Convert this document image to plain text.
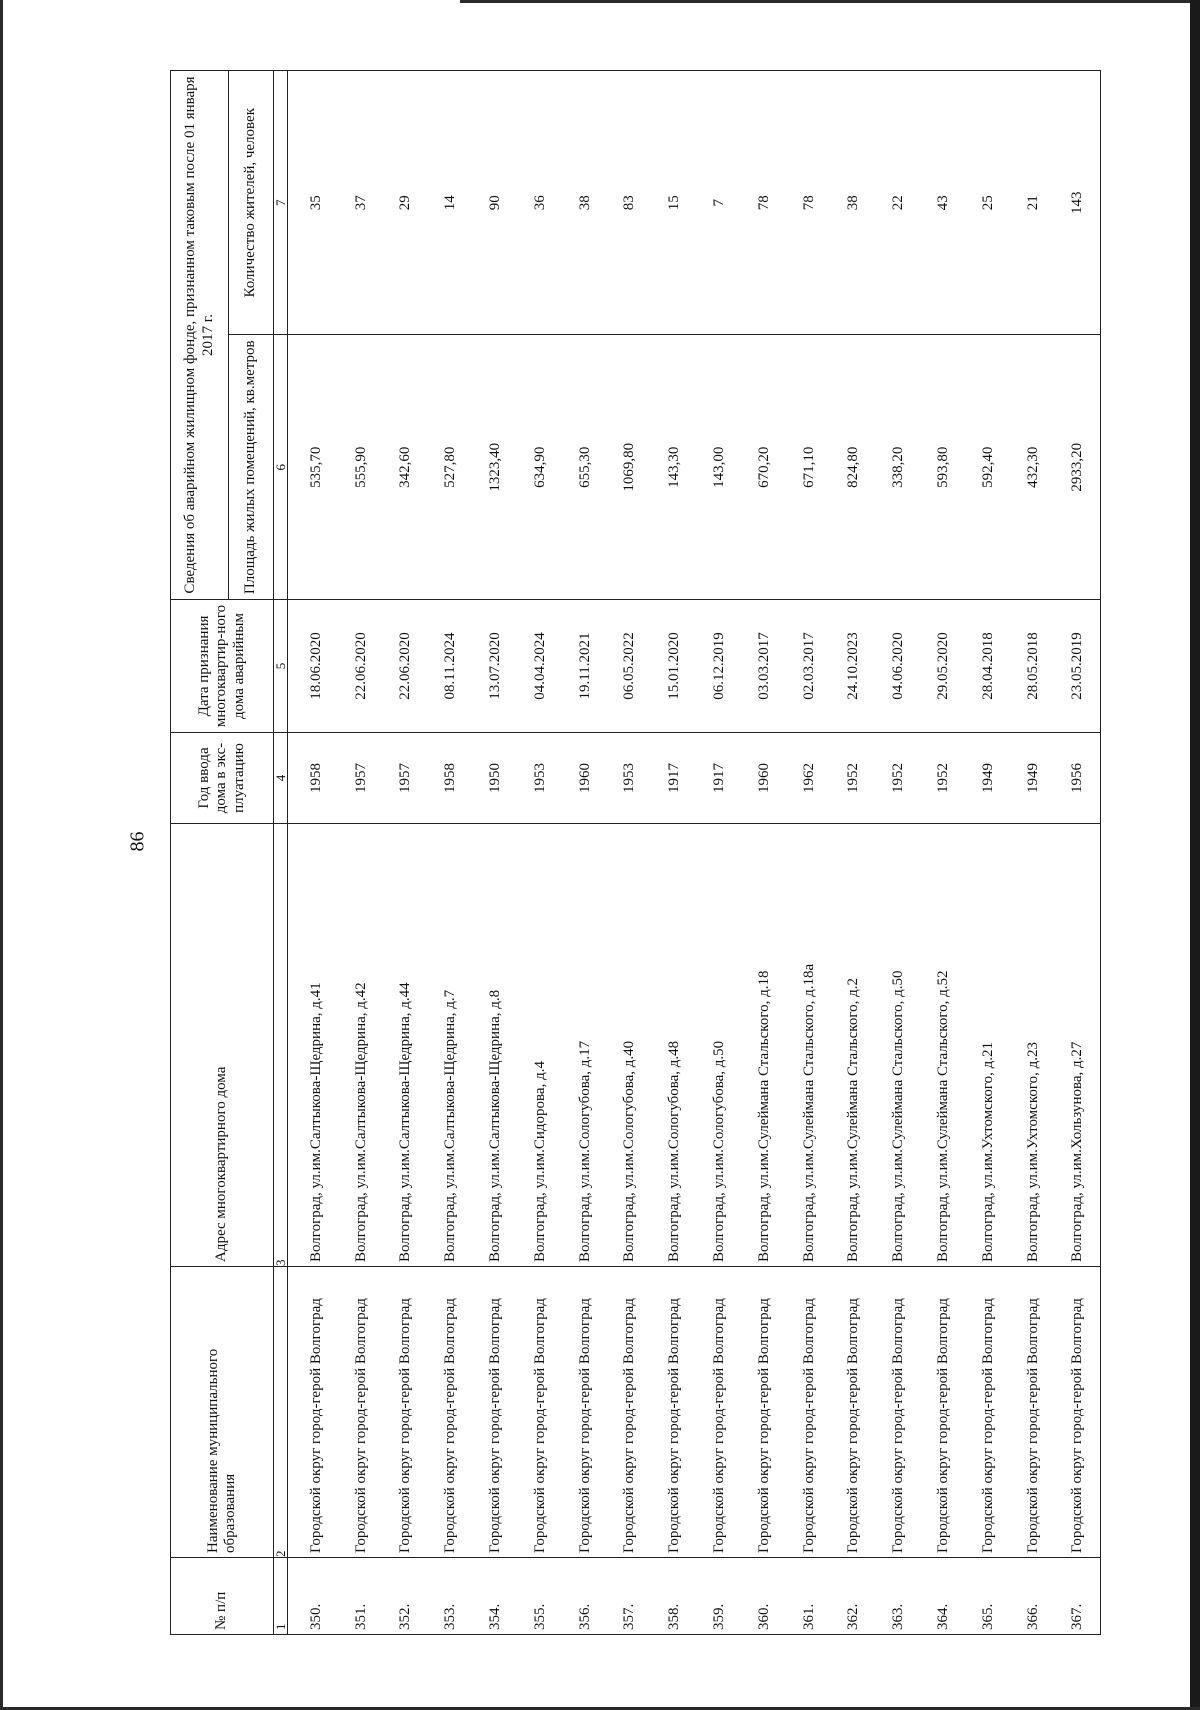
86
№ п/п	Наименование муниципального образования	Адрес многоквартирного дома	Год ввода дома в экс-плуатацию	Дата признания многоквартир-ного дома аварийным	Сведения об аварийном жилищном фонде, признанном таковым после 01 января 2017 г.	
					Площадь жилых помещений, кв.метров	Количество жителей, человек
1	2	3	4	5	6	7

350.	Городской округ город-герой Волгоград	Волгоград, ул.им.Салтыкова-Щедрина, д.41	1958	18.06.2020	535,70	35
351.	Городской округ город-герой Волгоград	Волгоград, ул.им.Салтыкова-Щедрина, д.42	1957	22.06.2020	555,90	37
352.	Городской округ город-герой Волгоград	Волгоград, ул.им.Салтыкова-Щедрина, д.44	1957	22.06.2020	342,60	29
353.	Городской округ город-герой Волгоград	Волгоград, ул.им.Салтыкова-Щедрина, д.7	1958	08.11.2024	527,80	14
354.	Городской округ город-герой Волгоград	Волгоград, ул.им.Салтыкова-Щедрина, д.8	1950	13.07.2020	1323,40	90
355.	Городской округ город-герой Волгоград	Волгоград, ул.им.Сидорова, д.4	1953	04.04.2024	634,90	36
356.	Городской округ город-герой Волгоград	Волгоград, ул.им.Сологубова, д.17	1960	19.11.2021	655,30	38
357.	Городской округ город-герой Волгоград	Волгоград, ул.им.Сологубова, д.40	1953	06.05.2022	1069,80	83
358.	Городской округ город-герой Волгоград	Волгоград, ул.им.Сологубова, д.48	1917	15.01.2020	143,30	15
359.	Городской округ город-герой Волгоград	Волгоград, ул.им.Сологубова, д.50	1917	06.12.2019	143,00	7
360.	Городской округ город-герой Волгоград	Волгоград, ул.им.Сулеймана Стальского, д.18	1960	03.03.2017	670,20	78
361.	Городской округ город-герой Волгоград	Волгоград, ул.им.Сулеймана Стальского, д.18а	1962	02.03.2017	671,10	78
362.	Городской округ город-герой Волгоград	Волгоград, ул.им.Сулеймана Стальского, д.2	1952	24.10.2023	824,80	38
363.	Городской округ город-герой Волгоград	Волгоград, ул.им.Сулеймана Стальского, д.50	1952	04.06.2020	338,20	22
364.	Городской округ город-герой Волгоград	Волгоград, ул.им.Сулеймана Стальского, д.52	1952	29.05.2020	593,80	43
365.	Городской округ город-герой Волгоград	Волгоград, ул.им.Ухтомского, д.21	1949	28.04.2018	592,40	25
366.	Городской округ город-герой Волгоград	Волгоград, ул.им.Ухтомского, д.23	1949	28.05.2018	432,30	21
367.	Городской округ город-герой Волгоград	Волгоград, ул.им.Хользунова, д.27	1956	23.05.2019	2933,20	143
